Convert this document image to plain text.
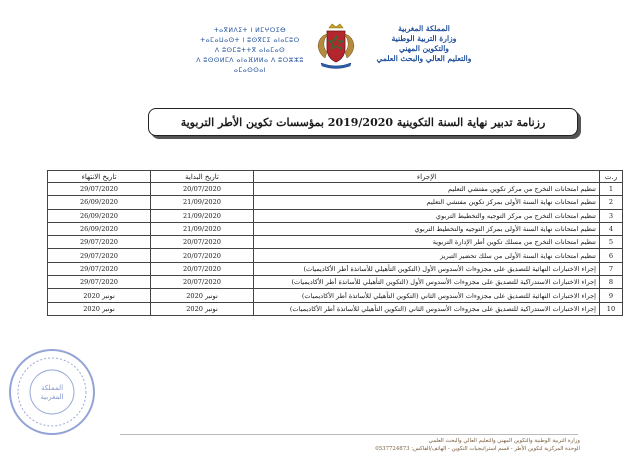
ⵜⴰⴳⵍⴷⵉⵜ ⵏ ⵍⵎⵖⵔⵉⴱ
ⵜⴰⵎⴰⵡⴰⵙⵜ ⵏ ⵓⵙⴳⵎⵉ ⴰⵏⴰⵎⵓⵔ
ⴷ ⵓⵙⵎⵓⵜⵜⴳ ⴰⵏⴰⵎⴰⵙ
ⴷ ⵓⵙⵙⵍⵎⴷ ⴰⵏⴰⴼⵍⵍⴰ ⴷ ⵓⵔⵣⵣⵓ ⴰⵎⴰⵙⵙⴰⵏ
المملكة المغربية
وزارة التربية الوطنية
والتكوين المهني
والتعليم العالي والبحث العلمي
رزنامة تدبير نهاية السنة التكوينية 2019/2020 بمؤسسات تكوين الأطر التربوية
تاريخ الانتهاء	تاريخ البداية	الإجراء	ر.ت
29/07/2020	20/07/2020	تنظيم امتحانات التخرج من مركز تكوين مفتشي التعليم	1
26/09/2020	21/09/2020	تنظيم امتحانات نهاية السنة الأولى بمركز تكوين مفتشي التعليم	2
26/09/2020	21/09/2020	تنظيم امتحانات التخرج من مركز التوجيه والتخطيط التربوي	3
26/09/2020	21/09/2020	تنظيم امتحانات نهاية السنة الأولى بمركز التوجيه والتخطيط التربوي	4
29/07/2020	20/07/2020	تنظيم امتحانات التخرج من مسلك تكوين أطر الإدارة التربوية	5
29/07/2020	20/07/2020	تنظيم امتحانات نهاية السنة الأولى من سلك تحضير التبريز	6
29/07/2020	20/07/2020	إجراء الاختبارات النهائية للتصديق على مجزوءات الأسدوس الأول (التكوين التأهيلي للأساتذة أطر الأكاديميات)	7
29/07/2020	20/07/2020	إجراء الاختبارات الاستدراكية للتصديق على مجزوءات الأسدوس الأول (التكوين التأهيلي للأساتذة أطر الأكاديميات)	8
نونبر 2020	نونبر 2020	إجراء الاختبارات النهائية للتصديق على مجزوءات الأسدوس الثاني (التكوين التأهيلي للأساتذة أطر الأكاديميات)	9
نونبر 2020	نونبر 2020	إجراء الاختبارات الاستدراكية للتصديق على مجزوءات الأسدوس الثاني (التكوين التأهيلي للأساتذة أطر الأكاديميات)	10
المملكة
المغربية
وزارة التربية الوطنية والتكوين المهني والتعليم العالي والبحث العلمي
الوحدة المركزية لتكوين الأطر - قسم استراتيجيات التكوين - الهاتف/الفاكس: 0537724873
